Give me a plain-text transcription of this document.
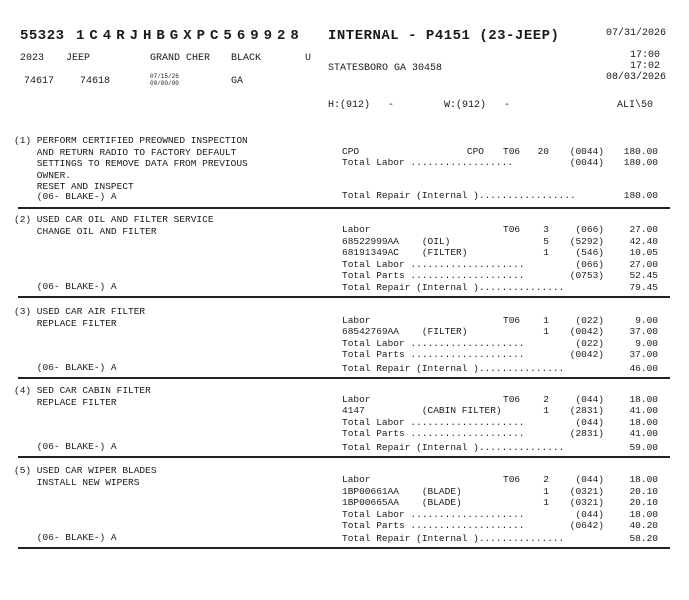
55323 1C4RJHBGXPC569928 INTERNAL - P4151 (23-JEEP)	07/31/2026
2023 JEEP	GRAND CHER BLACK	U	17:00
17:02
STATESBORO GA 30458
08/03/2026
74617	74618	07/15/26
00/00/00	GA
H:(912)   -	W:(912)   -	ALI\50
(1) PERFORM CERTIFIED PREOWNED INSPECTION
AND RETURN RADIO TO FACTORY DEFAULT
SETTINGS TO REMOVE DATA FROM PREVIOUS
OWNER.
RESET AND INSPECT
(06- BLAKE-) A
CPO	CPO T06 20 (0044) 180.00
Total Labor ..................	(0044) 180.00
Total Repair (Internal ).................	180.00
(2) USED CAR OIL AND FILTER SERVICE
CHANGE OIL AND FILTER
(06- BLAKE-) A
Labor	T06 3	(066)	27.00
68522999AA    (OIL)	5 (5292)	42.40
68191349AC    (FILTER)	1	(546)	10.05
Total Labor ....................	(066)	27.00
Total Parts ....................	(0753)	52.45
Total Repair (Internal )...............	79.45
(3) USED CAR AIR FILTER
REPLACE FILTER
(06- BLAKE-) A
Labor	T06 1	(022)	9.00
68542769AA    (FILTER)	1 (0042)	37.00
Total Labor ....................	(022)	9.00
Total Parts ....................	(0042)	37.00
Total Repair (Internal )...............	46.00
(4) SED CAR CABIN FILTER
REPLACE FILTER
(06- BLAKE-) A
Labor	T06 2	(044)	18.00
4147          (CABIN FILTER)	1 (2831)	41.00
Total Labor ....................	(044)	18.00
Total Parts ....................	(2831)	41.00
Total Repair (Internal )...............	59.00
(5) USED CAR WIPER BLADES
INSTALL NEW WIPERS
(06- BLAKE-) A
Labor	T06 2	(044)	18.00
1BP00661AA    (BLADE)	1 (0321)	20.10
1BP00665AA    (BLADE)	1 (0321)	20.10
Total Labor ....................	(044)	18.00
Total Parts ....................	(0642)	40.20
Total Repair (Internal )...............	58.20
